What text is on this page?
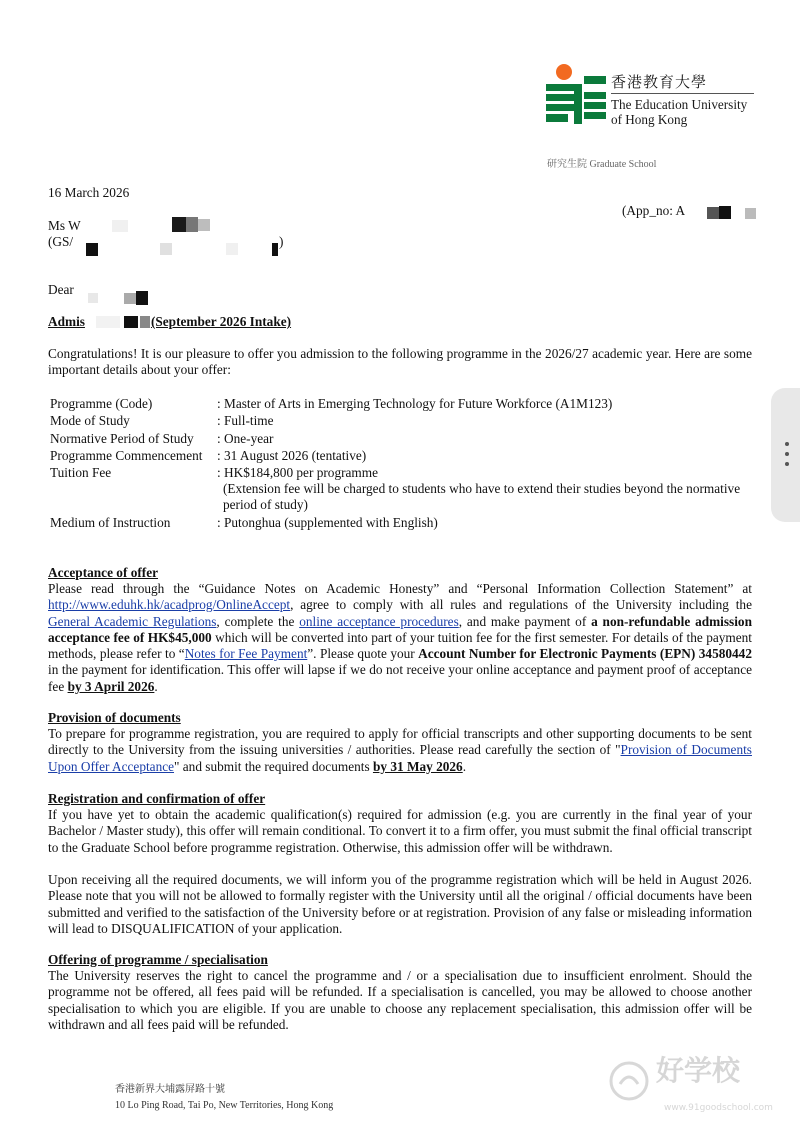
香港教育大學
The Education University
of Hong Kong
研究生院 Graduate School
16 March 2026
Ms W
(GS/	)
(App_no: A
Dear
Admis	(September 2026 Intake)
Congratulations! It is our pleasure to offer you admission to the following programme in the 2026/27 academic year. Here are some important details about your offer:
Programme (Code)	: Master of Arts in Emerging Technology for Future Workforce (A1M123)
Mode of Study	: Full-time
Normative Period of Study	: One-year
Programme Commencement	: 31 August 2026 (tentative)
Tuition Fee	: HK$184,800 per programme
	(Extension fee will be charged to students who have to extend their studies beyond the normative period of study)
Medium of Instruction	: Putonghua (supplemented with English)
Acceptance of offer
Please read through the “Guidance Notes on Academic Honesty” and “Personal Information Collection Statement” at http://www.eduhk.hk/acadprog/OnlineAccept, agree to comply with all rules and regulations of the University including the General Academic Regulations, complete the online acceptance procedures, and make payment of a non-refundable admission acceptance fee of HK$45,000 which will be converted into part of your tuition fee for the first semester. For details of the payment methods, please refer to “Notes for Fee Payment”. Please quote your Account Number for Electronic Payments (EPN) 34580442 in the payment for identification. This offer will lapse if we do not receive your online acceptance and payment proof of acceptance fee by 3 April 2026.
Provision of documents
To prepare for programme registration, you are required to apply for official transcripts and other supporting documents to be sent directly to the University from the issuing universities / authorities. Please read carefully the section of "Provision of Documents Upon Offer Acceptance" and submit the required documents by 31 May 2026.
Registration and confirmation of offer
If you have yet to obtain the academic qualification(s) required for admission (e.g. you are currently in the final year of your Bachelor / Master study), this offer will remain conditional. To convert it to a firm offer, you must submit the final official transcript to the Graduate School before programme registration. Otherwise, this admission offer will be withdrawn.
Upon receiving all the required documents, we will inform you of the programme registration which will be held in August 2026. Please note that you will not be allowed to formally register with the University until all the original / official documents have been submitted and verified to the satisfaction of the University before or at registration. Provision of any false or misleading information will lead to DISQUALIFICATION of your application.
Offering of programme / specialisation
The University reserves the right to cancel the programme and / or a specialisation due to insufficient enrolment. Should the programme not be offered, all fees paid will be refunded. If a specialisation is cancelled, you may be allowed to choose another specialisation to which you are eligible. If you are unable to choose any replacement specialisation, this admission offer will be withdrawn and all fees paid will be refunded.
香港新界大埔露屏路十號
10 Lo Ping Road, Tai Po, New Territories, Hong Kong
好学校
www.91goodschool.com
